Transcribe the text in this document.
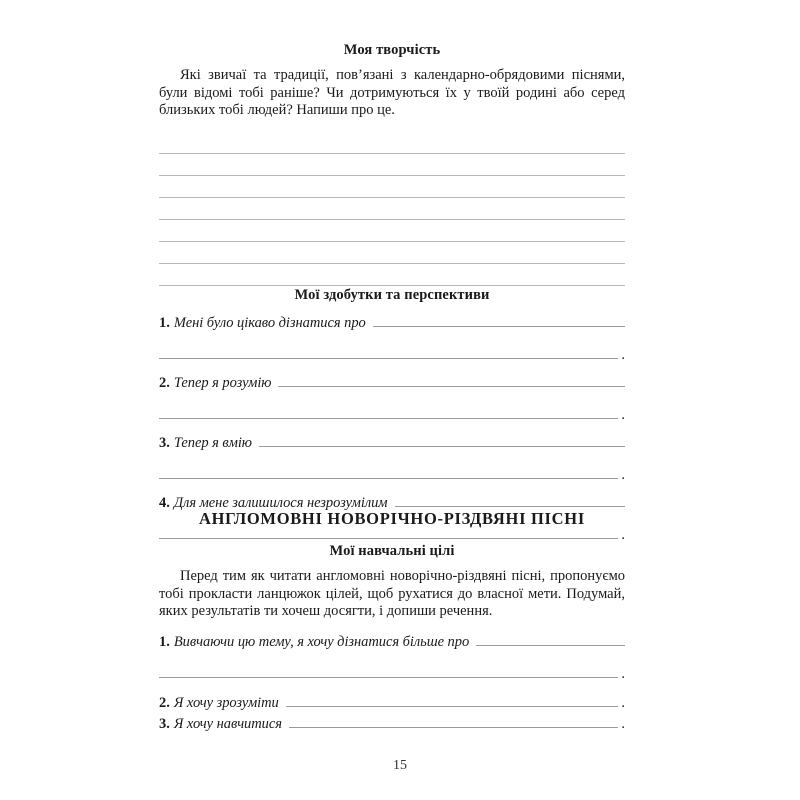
Моя творчість
Які звичаї та традиції, пов’язані з календарно-обрядовими піснями, були відомі тобі раніше? Чи дотримуються їх у твоїй родині або серед близьких тобі людей? Напиши про це.
Мої здобутки та перспективи
1. Мені було цікаво дізнатися про
.
2. Тепер я розумію
.
3. Тепер я вмію
.
4. Для мене залишилося незрозумілим
.
АНГЛОМОВНІ НОВОРІЧНО-РІЗДВЯНІ ПІСНІ
Мої навчальні цілі
Перед тим як читати англомовні новорічно-різдвяні пісні, пропонуємо тобі прокласти ланцюжок цілей, щоб рухатися до власної мети. Подумай, яких результатів ти хочеш досягти, і допиши речення.
1. Вивчаючи цю тему, я хочу дізнатися більше про
.
2. Я хочу зрозуміти	.
3. Я хочу навчитися	.
15
